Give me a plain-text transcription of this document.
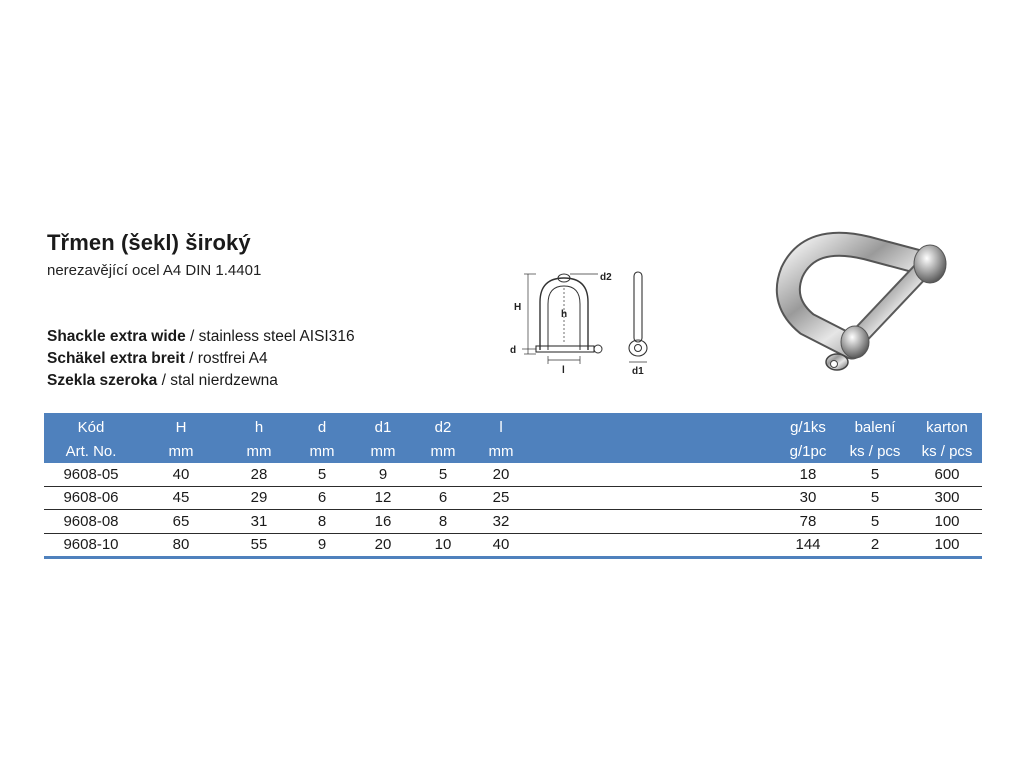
Třmen (šekl) široký
nerezavějící ocel A4 DIN 1.4401
Shackle extra wide / stainless steel AISI316
Schäkel extra breit / rostfrei A4
Szekla szeroka / stal nierdzewna
H
h
d
l
d2
d1
Kód	H	h	d	d1	d2	l		g/1ks	balení	karton
Art. No.	mm	mm	mm	mm	mm	mm		g/1pc	ks / pcs	ks / pcs
9608-05	40	28	5	9	5	20		18	5	600
9608-06	45	29	6	12	6	25		30	5	300
9608-08	65	31	8	16	8	32		78	5	100
9608-10	80	55	9	20	10	40		144	2	100
